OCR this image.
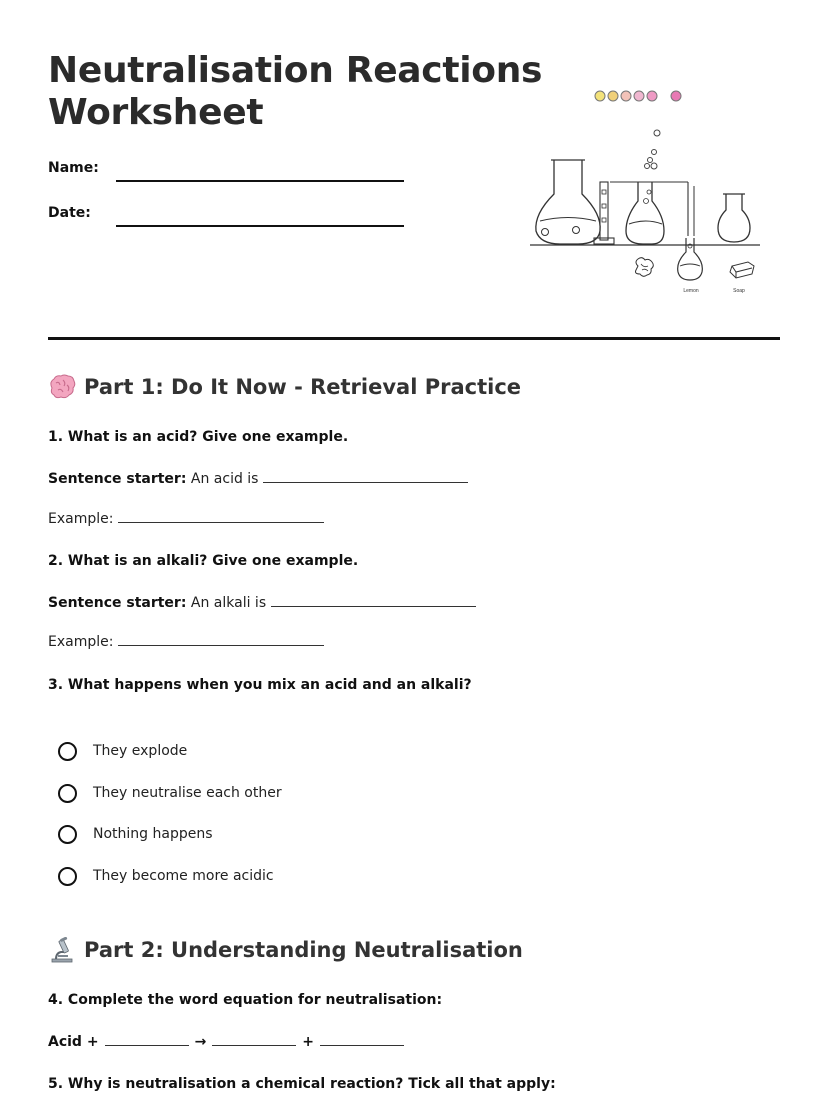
Neutralisation Reactions
Worksheet
Name:
Date:
Lemon	Soap
Part 1: Do It Now - Retrieval Practice
1. What is an acid? Give one example.
Sentence starter: An acid is
Example:
2. What is an alkali? Give one example.
Sentence starter: An alkali is
Example:
3. What happens when you mix an acid and an alkali?
They explode
They neutralise each other
Nothing happens
They become more acidic
Part 2: Understanding Neutralisation
4. Complete the word equation for neutralisation:
Acid +	→	+
5. Why is neutralisation a chemical reaction? Tick all that apply:
